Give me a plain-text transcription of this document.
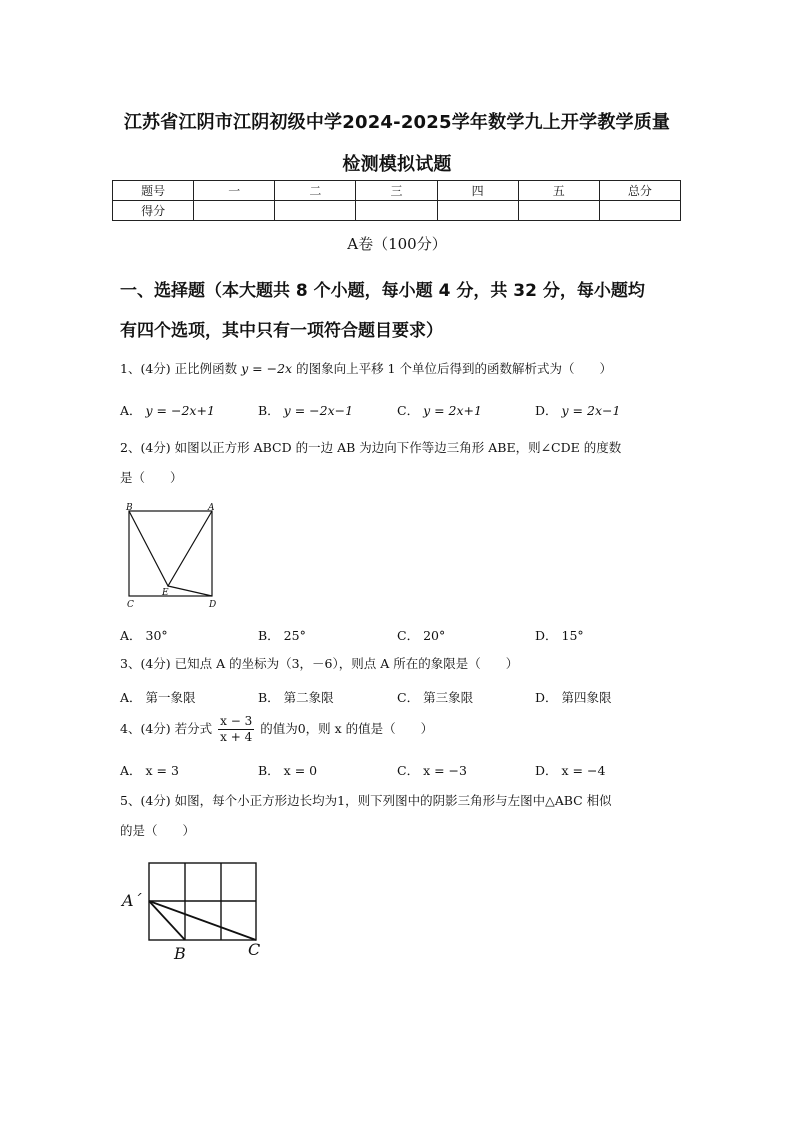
江苏省江阴市江阴初级中学2024-2025学年数学九上开学教学质量
检测模拟试题
题号	一	二	三	四	五	总分
得分						
A卷（100分）
一、选择题（本大题共 8 个小题，每小题 4 分，共 32 分，每小题均
有四个选项，其中只有一项符合题目要求）
1、(4分) 正比例函数 y = −2x 的图象向上平移 1 个单位后得到的函数解析式为（　　）
A． y = −2x+1	B． y = −2x−1	C． y = 2x+1	D． y = 2x−1
2、(4分) 如图以正方形 ABCD 的一边 AB 为边向下作等边三角形 ABE，则∠CDE 的度数
是（　　）
B	A
E
C	D
A． 30°	B． 25°	C． 20°	D． 15°
3、(4分) 已知点 A 的坐标为（3，－6），则点 A 所在的象限是（　　）
A． 第一象限	B． 第二象限	C． 第三象限	D． 第四象限
4、(4分) 若分式 $\frac{x - 3}{x + 4}$ 的值为0，则 x 的值是（　　）
A． x = 3	B． x = 0	C． x = −3	D． x = −4
5、(4分) 如图，每个小正方形边长均为1，则下列图中的阴影三角形与左图中△ABC 相似
的是（　　）
A´
B	C
